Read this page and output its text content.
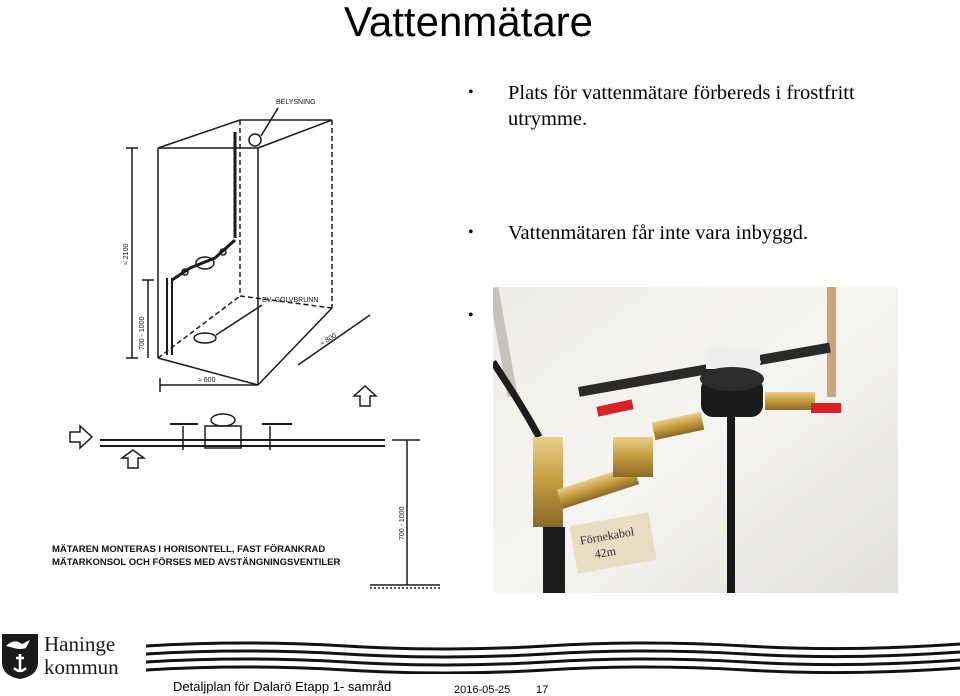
Vattenmätare
• Plats för vattenmätare förbereds i frostfritt utrymme.
• Vattenmätaren får inte vara inbyggd.
•
BELYSNING
EV. GOLVBRUNN
≈ 2100
700 - 1000
≈ 600
≈ 800
700 - 1000
MÄTAREN MONTERAS I HORISONTELL, FAST FÖRANKRAD
MÄTARKONSOL OCH FÖRSES MED AVSTÄNGNINGSVENTILER
Förnekabol
42m
Haninge
kommun
Detaljplan för Dalarö Etapp 1- samråd	2016-05-25 17
